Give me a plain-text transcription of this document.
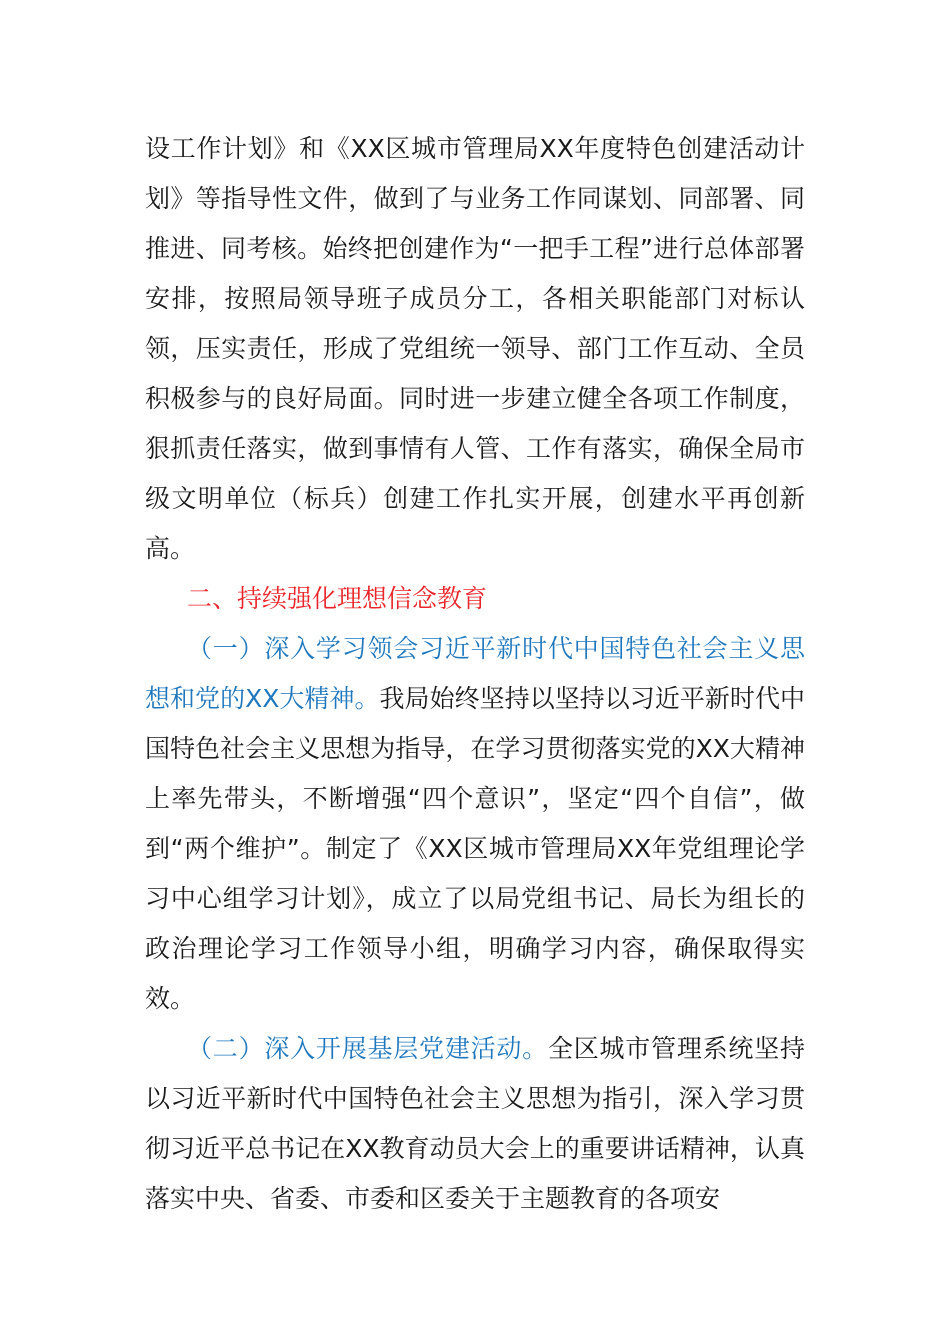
设工作计划》和《XX区城市管理局XX年度特色创建活动计划》等指导性文件，做到了与业务工作同谋划、同部署、同推进、同考核。始终把创建作为“一把手工程”进行总体部署安排，按照局领导班子成员分工，各相关职能部门对标认领，压实责任，形成了党组统一领导、部门工作互动、全员积极参与的良好局面。同时进一步建立健全各项工作制度，狠抓责任落实，做到事情有人管、工作有落实，确保全局市级文明单位（标兵）创建工作扎实开展，创建水平再创新高。

二、持续强化理想信念教育

（一）深入学习领会习近平新时代中国特色社会主义思想和党的XX大精神。我局始终坚持以坚持以习近平新时代中国特色社会主义思想为指导，在学习贯彻落实党的XX大精神上率先带头，不断增强“四个意识”，坚定“四个自信”，做到“两个维护”。制定了《XX区城市管理局XX年党组理论学习中心组学习计划》，成立了以局党组书记、局长为组长的政治理论学习工作领导小组，明确学习内容，确保取得实效。

（二）深入开展基层党建活动。全区城市管理系统坚持以习近平新时代中国特色社会主义思想为指引，深入学习贯彻习近平总书记在XX教育动员大会上的重要讲话精神，认真落实中央、省委、市委和区委关于主题教育的各项安
